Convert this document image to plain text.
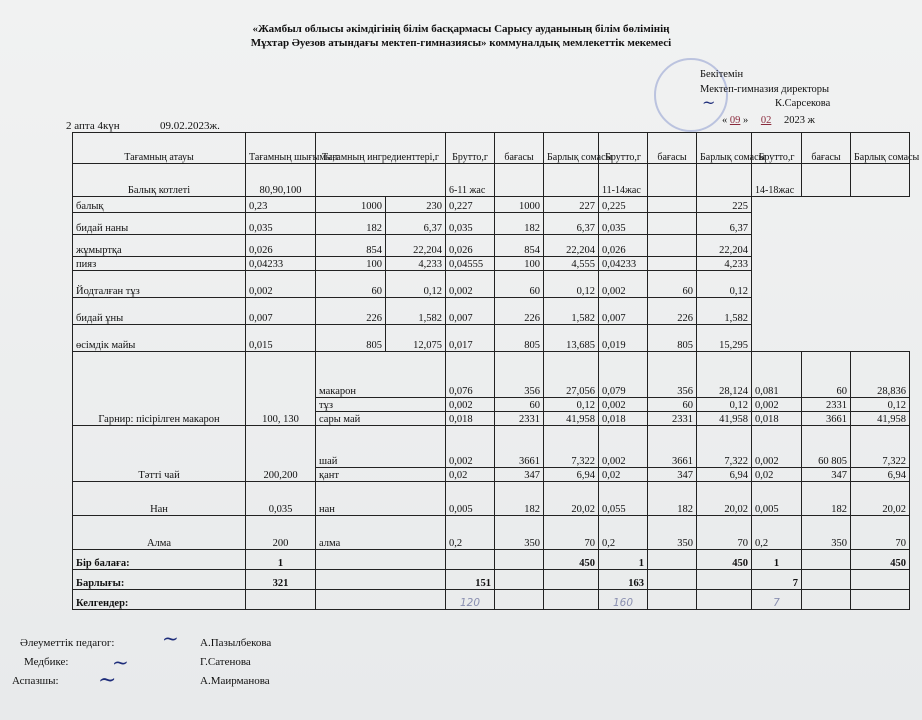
«Жамбыл облысы әкімдігінің білім басқармасы Сарысу ауданының білім бөлімінің
Мұхтар Әуезов атындағы мектеп-гимназиясы» коммуналдық мемлекеттік мекемесі
Бекітемін
Мектеп-гимназия директоры
~	К.Сарсекова
« 09 » 02 2023 ж
2 апта 4күн	09.02.2023ж.
Тағамның атауы	Тағамның шығымы,г	Тағамның ингредиенттері,г		Брутто,г	бағасы	Барлық сомасы	Брутто,г	бағасы	Барлық сомасы	Брутто,г	бағасы	Барлық сомасы
Балық котлеті	80,90,100			6-11 жас			11-14жас			14-18жас		
балық	0,23	1000	230	0,227	1000	227	0,225		225			
бидай наны	0,035	182	6,37	0,035	182	6,37	0,035		6,37			
жұмыртқа	0,026	854	22,204	0,026	854	22,204	0,026		22,204			
пияз	0,04233	100	4,233	0,04555	100	4,555	0,04233		4,233			
Йодталған тұз	0,002	60	0,12	0,002	60	0,12	0,002	60	0,12			
бидай ұны	0,007	226	1,582	0,007	226	1,582	0,007	226	1,582			
өсімдік майы	0,015	805	12,075	0,017	805	13,685	0,019	805	15,295			
Гарнир: пісірілген макарон	100, 130	макарон		0,076	356	27,056	0,079	356	28,124	0,081	60	28,836
		тұз		0,002	60	0,12	0,002	60	0,12	0,002	2331	0,12
		сары май		0,018	2331	41,958	0,018	2331	41,958	0,018	3661	41,958
Тәтті чай	200,200	шай		0,002	3661	7,322	0,002	3661	7,322	0,002	60 805	7,322
		қант		0,02	347	6,94	0,02	347	6,94	0,02	347	6,94
Нан	0,035	нан		0,005	182	20,02	0,055	182	20,02	0,005	182	20,02
Алма	200	алма		0,2	350	70	0,2	350	70	0,2	350	70
Бір балаға:	1					450	1		450	1		450
Барлығы:	321			151			163			7		
Келгендер:				120			160			7		
Әлеуметтік педагог:	А.Пазылбекова
Медбике:	Г.Сатенова
Аспазшы:	А.Маирманова
~
~
~
